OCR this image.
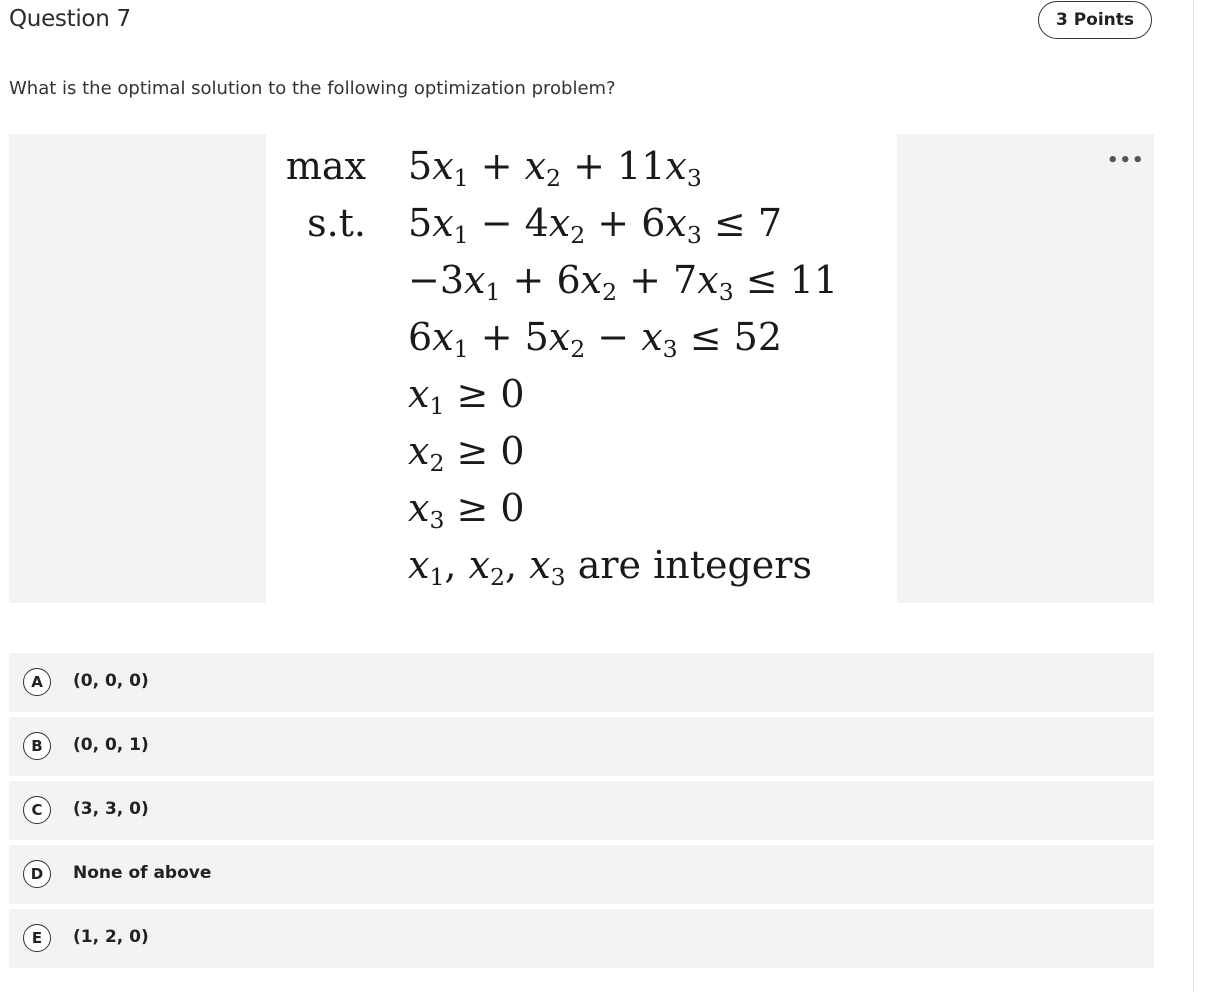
Question 7	3 Points
What is the optimal solution to the following optimization problem?
•••
max
s.t.
$5x_1 + x_2 + 11x_3$
$5x_1 - 4x_2 + 6x_3 \le 7$
$-3x_1 + 6x_2 + 7x_3 \le 11$
$6x_1 + 5x_2 - x_3 \le 52$
$x_1 \ge 0$
$x_2 \ge 0$
$x_3 \ge 0$
$x_1$, $x_2$, $x_3$ are integers
A	(0, 0, 0)
B	(0, 0, 1)
C	(3, 3, 0)
D	None of above
E	(1, 2, 0)
